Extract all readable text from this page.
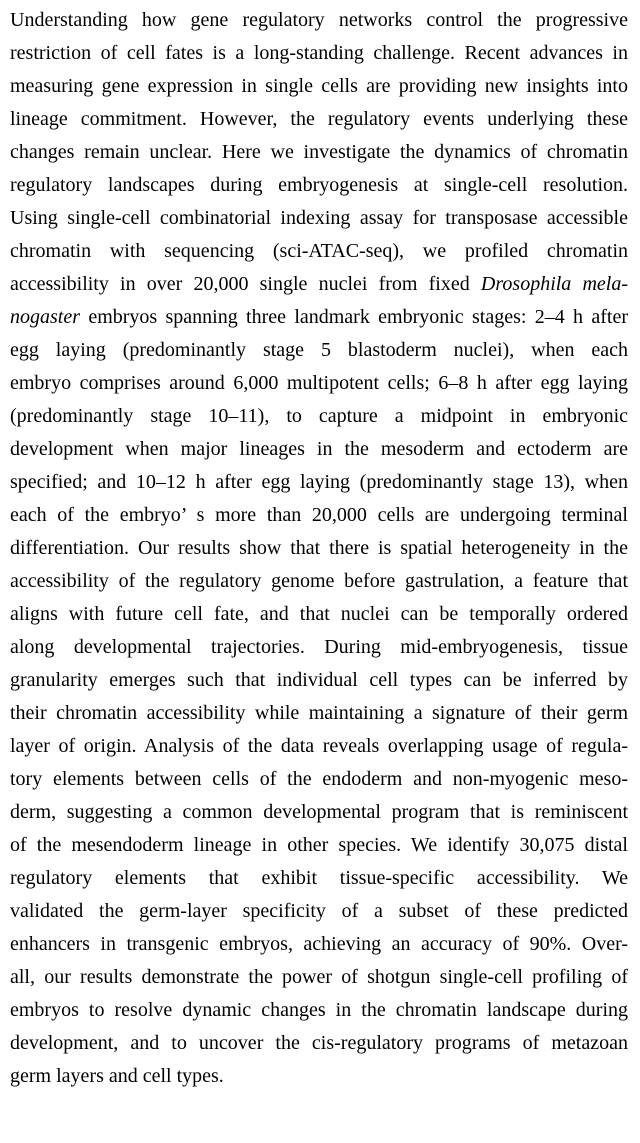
Understanding how gene regulatory networks control the progressive
restriction of cell fates is a long-standing challenge. Recent advances in
measuring gene expression in single cells are providing new insights into
lineage commitment. However, the regulatory events underlying these
changes remain unclear. Here we investigate the dynamics of chromatin
regulatory landscapes during embryogenesis at single-cell resolution.
Using single-cell combinatorial indexing assay for transposase accessible
chromatin with sequencing (sci-ATAC-seq), we profiled chromatin
accessibility in over 20,000 single nuclei from fixed Drosophila mela-
nogaster embryos spanning three landmark embryonic stages: 2–4 h after
egg laying (predominantly stage 5 blastoderm nuclei), when each
embryo comprises around 6,000 multipotent cells; 6–8 h after egg laying
(predominantly stage 10–11), to capture a midpoint in embryonic
development when major lineages in the mesoderm and ectoderm are
specified; and 10–12 h after egg laying (predominantly stage 13), when
each of the embryo’ s more than 20,000 cells are undergoing terminal
differentiation. Our results show that there is spatial heterogeneity in the
accessibility of the regulatory genome before gastrulation, a feature that
aligns with future cell fate, and that nuclei can be temporally ordered
along developmental trajectories. During mid-embryogenesis, tissue
granularity emerges such that individual cell types can be inferred by
their chromatin accessibility while maintaining a signature of their germ
layer of origin. Analysis of the data reveals overlapping usage of regula-
tory elements between cells of the endoderm and non-myogenic meso-
derm, suggesting a common developmental program that is reminiscent
of the mesendoderm lineage in other species. We identify 30,075 distal
regulatory elements that exhibit tissue-specific accessibility. We
validated the germ-layer specificity of a subset of these predicted
enhancers in transgenic embryos, achieving an accuracy of 90%. Over-
all, our results demonstrate the power of shotgun single-cell profiling of
embryos to resolve dynamic changes in the chromatin landscape during
development, and to uncover the cis-regulatory programs of metazoan
germ layers and cell types.
